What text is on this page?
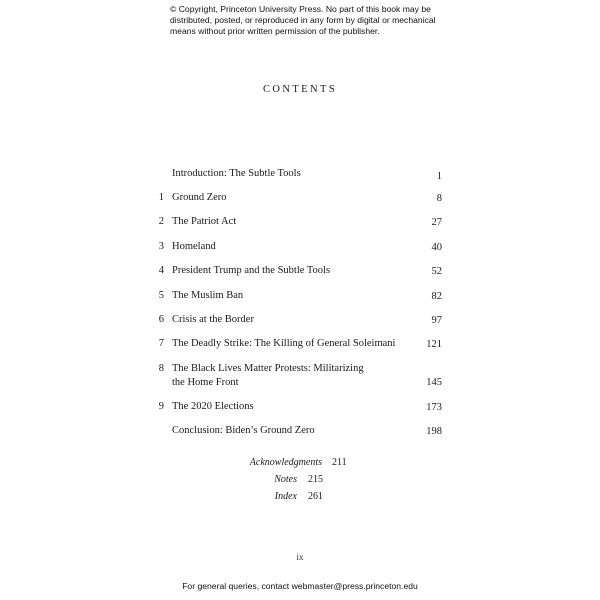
© Copyright, Princeton University Press. No part of this book may be
distributed, posted, or reproduced in any form by digital or mechanical
means without prior written permission of the publisher.
CONTENTS
Introduction: The Subtle Tools	1
1 Ground Zero	8
2 The Patriot Act	27
3 Homeland	40
4 President Trump and the Subtle Tools	52
5 The Muslim Ban	82
6 Crisis at the Border	97
7 The Deadly Strike: The Killing of General Soleimani	121
8 The Black Lives Matter Protests: Militarizing
the Home Front	145
9 The 2020 Elections	173
Conclusion: Biden’s Ground Zero	198
Acknowledgments 211
Notes 215
Index 261
ix
For general queries, contact webmaster@press.princeton.edu
